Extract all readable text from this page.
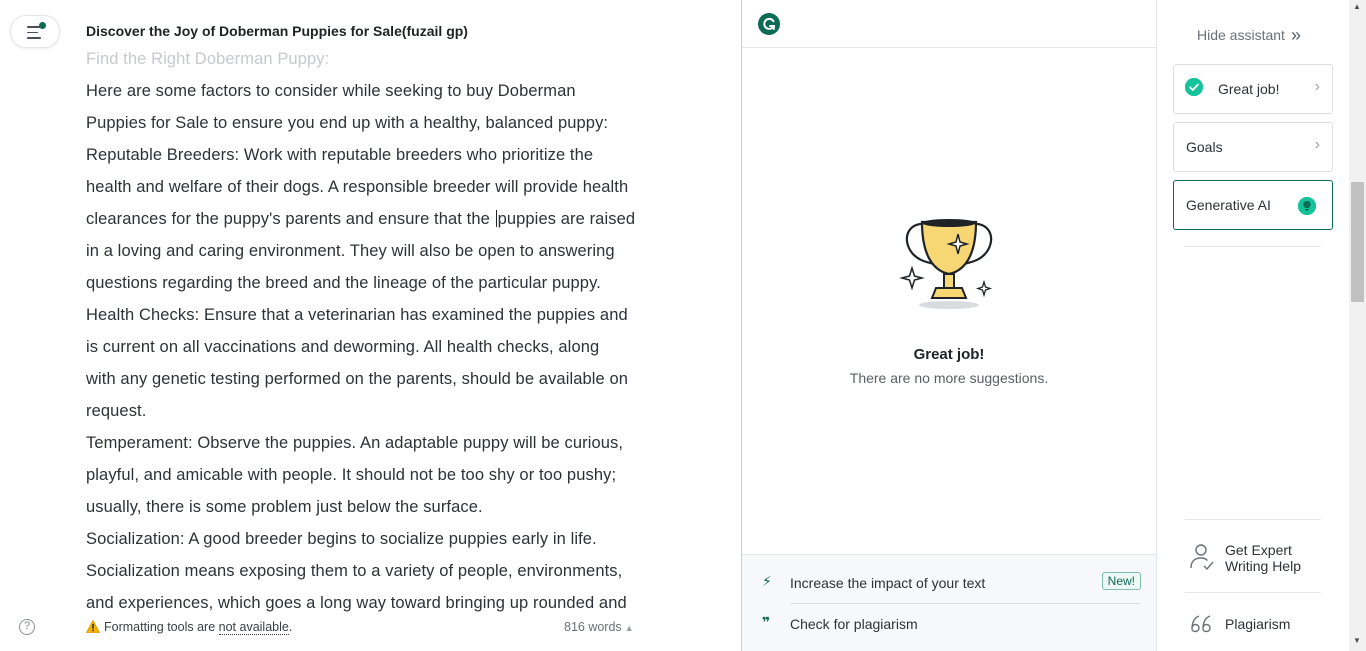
Discover the Joy of Doberman Puppies for Sale(fuzail gp)
Find the Right Doberman Puppy:
Here are some factors to consider while seeking to buy Doberman
Puppies for Sale to ensure you end up with a healthy, balanced puppy:
Reputable Breeders: Work with reputable breeders who prioritize the
health and welfare of their dogs. A responsible breeder will provide health
clearances for the puppy's parents and ensure that the puppies are raised
in a loving and caring environment. They will also be open to answering
questions regarding the breed and the lineage of the particular puppy.
Health Checks: Ensure that a veterinarian has examined the puppies and
is current on all vaccinations and deworming. All health checks, along
with any genetic testing performed on the parents, should be available on
request.
Temperament: Observe the puppies. An adaptable puppy will be curious,
playful, and amicable with people. It should not be too shy or too pushy;
usually, there is some problem just below the surface.
Socialization: A good breeder begins to socialize puppies early in life.
Socialization means exposing them to a variety of people, environments,
and experiences, which goes a long way toward bringing up rounded and
?	Formatting tools are not available.	816 words ▲
Great job!
There are no more suggestions.
⚡ Increase the impact of your text	New!
❞ Check for plagiarism
Hide assistant »
Great job! ›
Goals	›
Generative AI
Get Expert Writing Help
Plagiarism
▲
▼
